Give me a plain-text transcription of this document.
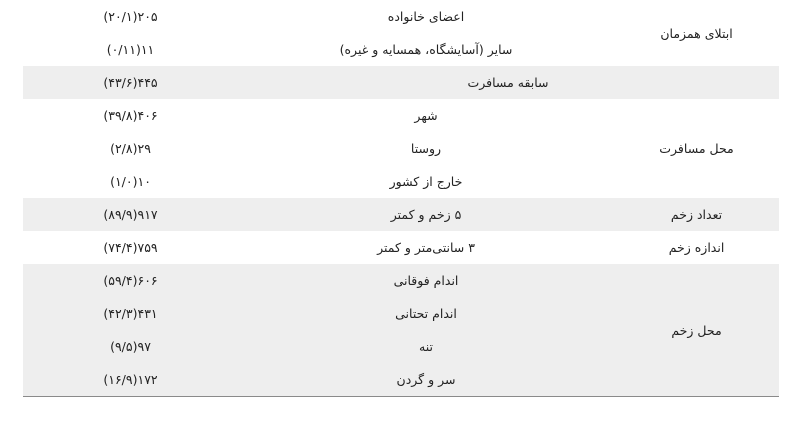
اعضای خانواده
۲۰۵(۲۰/۱)
سایر (آسایشگاه، همسایه و غیره)
۱۱(۰/۱۱)
ابتلای همزمان
سابقه مسافرت
۴۴۵(۴۳/۶)
شهر
۴۰۶(۳۹/۸)
روستا
۲۹(۲/۸)
خارج از کشور
۱۰(۱/۰)
محل مسافرت
۵ زخم و کمتر
۹۱۷(۸۹/۹)	تعداد زخم
۳ سانتی‌متر و کمتر
۷۵۹(۷۴/۴)	اندازه زخم
اندام فوقانی
۶۰۶(۵۹/۴)
اندام تحتانی
۴۳۱(۴۲/۳)
تنه
۹۷(۹/۵)
سر و گردن
۱۷۲(۱۶/۹)
محل زخم
